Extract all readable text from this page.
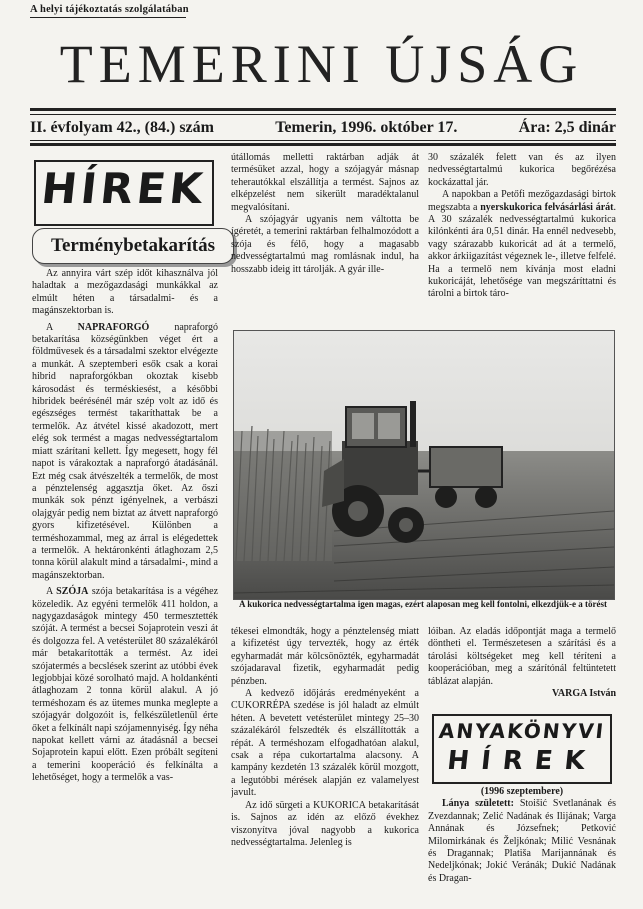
A helyi tájékoztatás szolgálatában
TEMERINI ÚJSÁG
II. évfolyam 42., (84.) szám	Temerin, 1996. október 17.	Ára: 2,5 dinár
HÍREK
Terménybetakarítás

Az annyira várt szép időt kihasználva jól haladtak a mezőgazdasági munkákkal az elmúlt héten a társadalmi- és a magánszektorban is.

A NAPRAFORGÓ napraforgó betakarítása községünkben véget ért a földművesek és a társadalmi szektor elvégezte a munkát. A szeptemberi esők csak a korai hibrid napraforgókban okoztak kisebb károsodást és terméskiesést, a későbbi hibridek beérésénél már szép volt az idő és egészséges termést takaríthattak be a termelők. Az átvétel kissé akadozott, mert elég sok termést a magas nedvességtartalom miatt szárítani kellett. Így megesett, hogy fél napot is várakoztak a napraforgó átadásánál. Ezt még csak átvészelték a termelők, de most a pénztelenség aggasztja őket. Az őszi munkák sok pénzt igényelnek, a verbászi olajgyár pedig nem biztat az átvett napraforgó gyors kifizetésével. Különben a terméshozammal, meg az árral is elégedettek a termelők. A hektáronkénti átlaghozam 2,5 tonna körül alakult mind a társadalmi-, mind a magánszektorban.

A SZÓJA szója betakarítása is a végéhez közeledik. Az egyéni termelők 411 holdon, a nagygazdaságok mintegy 450 termesztették szóját. A termést a becsei Sojaprotein veszi át és dolgozza fel. A vetésterület 80 százalékáról már betakarították a termést. Az idei szójatermés a becslések szerint az utóbbi évek legjobbjai közé sorolható majd. A holdankénti átlaghozam 2 tonna körül alakul. A jó terméshozam és az ütemes munka meglepte a szójagyár dolgozóit is, felkészületlenül érte őket a felkínált napi szójamennyiség. Így néha napokat kellett várni az átadásnál a becsei Sojaprotein kapui előtt. Ezen próbált segíteni a temerini kooperáció és felkínálta a lehetőséget, hogy a termelők a vas-

útállomás melletti raktárban adják át termésüket azzal, hogy a szójagyár másnap teherautókkal elszállítja a termést. Sajnos az elképzelést nem sikerült maradéktalanul megvalósítani.

A szójagyár ugyanis nem váltotta be ígéretét, a temerini raktárban felhalmozódott a szója és félő, hogy a magasabb nedvességtartalmú mag romlásnak indul, ha hosszabb ideig itt tárolják. A gyár ille-

30 százalék felett van és az ilyen nedvességtartalmú kukorica begőrézésa kockázattal jár.

A napokban a Petőfi mezőgazdasági birtok megszabta a nyerskukorica felvásárlási árát. A 30 százalék nedvességtartalmú kukorica kilónkénti ára 0,51 dinár. Ha ennél nedvesebb, vagy szárazabb kukoricát ad át a termelő, akkor árkiigazítást végeznek le-, illetve felfelé. Ha a termelő nem kívánja most eladni kukoricáját, lehetősége van megszáríttatni és tárolni a birtok táro-

A kukorica nedvességtartalma igen magas, ezért alaposan meg kell fontolni, elkezdjük-e a törést

tékesei elmondták, hogy a pénztelenség miatt a kifizetést úgy tervezték, hogy az érték egyharmadát már kölcsönözték, egyharmadát szójadaraval fizetik, egyharmadát pedig pénzben.

A kedvező időjárás eredményeként a CUKORRÉPA szedése is jól haladt az elmúlt héten. A bevetett vetésterület mintegy 25–30 százalékáról felszedték és elszállították a répát. A terméshozam elfogadhatóan alakul, csak a répa cukortartalma alacsony. A kampány kezdetén 13 százalék körül mozgott, a legutóbbi mérések alapján ez valamelyest javult.

Az idő sürgeti a KUKORICA betakarítását is. Sajnos az idén az előző évekhez viszonyítva jóval nagyobb a kukorica nedvességtartalma. Jelenleg is

lóiban. Az eladás időpontját maga a termelő döntheti el. Természetesen a szárítási és a tárolási költségeket meg kell téríteni a kooperációban, meg a szárítónál feltüntetett táblázat alapján.

VARGA István

ANYAKÖNYVI
HÍREK

(1996 szeptembere)

Lánya született: Stoišić Svetlanának és Zvezdannak; Zelić Nadának és Ilijának; Varga Annának és Józsefnek; Petković Milomirkának és Željkónak; Milić Vesnának és Dragannak; Platiša Marijannának és Nedeljkónak; Jokić Veránák; Dukić Nadának és Dragan-
